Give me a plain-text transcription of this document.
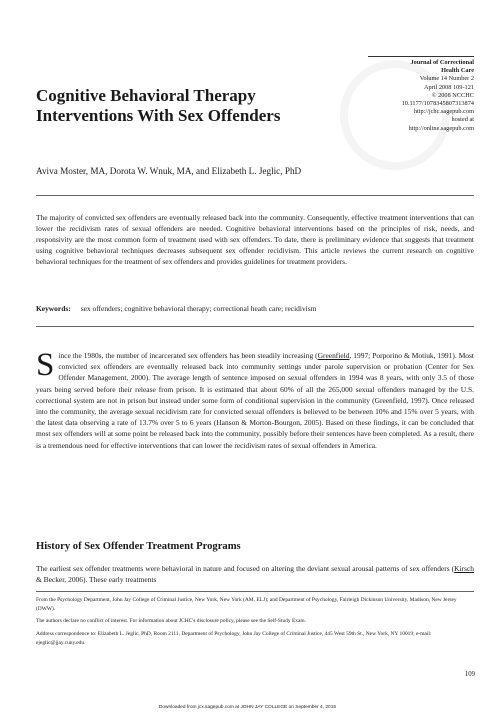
Journal of Correctional
Health Care
Volume 14 Number 2
April 2008 109-121
© 2008 NCCHC
10.1177/1078345807313874
http://jchc.sagepub.com
hosted at
http://online.sagepub.com
Cognitive Behavioral Therapy Interventions With Sex Offenders
Aviva Moster, MA, Dorota W. Wnuk, MA, and Elizabeth L. Jeglic, PhD

The majority of convicted sex offenders are eventually released back into the community. Consequently, effective treatment interventions that can lower the recidivism rates of sexual offenders are needed. Cognitive behavioral interventions based on the principles of risk, needs, and responsivity are the most common form of treatment used with sex offenders. To date, there is preliminary evidence that suggests that treatment using cognitive behavioral techniques decreases subsequent sex offender recidivism. This article reviews the current research on cognitive behavioral techniques for the treatment of sex offenders and provides guidelines for treatment providers.

Keywords: sex offenders; cognitive behavioral therapy; correctional heath care; recidivism

Since the 1980s, the number of incarcerated sex offenders has been steadily increasing (Greenfield, 1997; Porporino & Motiuk, 1991). Most convicted sex offenders are eventually released back into community settings under parole supervision or probation (Center for Sex Offender Management, 2000). The average length of sentence imposed on sexual offenders in 1994 was 8 years, with only 3.5 of those years being served before their release from prison. It is estimated that about 60% of all the 265,000 sexual offenders managed by the U.S. correctional system are not in prison but instead under some form of conditional supervision in the community (Greenfield, 1997). Once released into the community, the average sexual recidivism rate for convicted sexual offenders is believed to be between 10% and 15% over 5 years, with the latest data observing a rate of 13.7% over 5 to 6 years (Hanson & Morton-Bourgon, 2005). Based on these findings, it can be concluded that most sex offenders will at some point be released back into the community, possibly before their sentences have been completed. As a result, there is a tremendous need for effective interventions that can lower the recidivism rates of sexual offenders in America.

History of Sex Offender Treatment Programs

The earliest sex offender treatments were behavioral in nature and focused on altering the deviant sexual arousal patterns of sex offenders (Kirsch & Becker, 2006). These early treatments

From the Psychology Department, John Jay College of Criminal Justice, New York, New York (AM, ELJ); and Department of Psychology, Fairleigh Dickinson University, Madison, New Jersey (DWW).

The authors declare no conflict of interest. For information about JCHC's disclosure policy, please see the Self-Study Exam.

Address correspondence to: Elizabeth L. Jeglic, PhD, Room 2111, Department of Psychology, John Jay College of Criminal Justice, 445 West 59th St., New York, NY 10019; e-mail: ejeglic@jjay.cuny.edu.

109
Downloaded from jcx.sagepub.com at JOHN JAY COLLEGE on September 4, 2015
